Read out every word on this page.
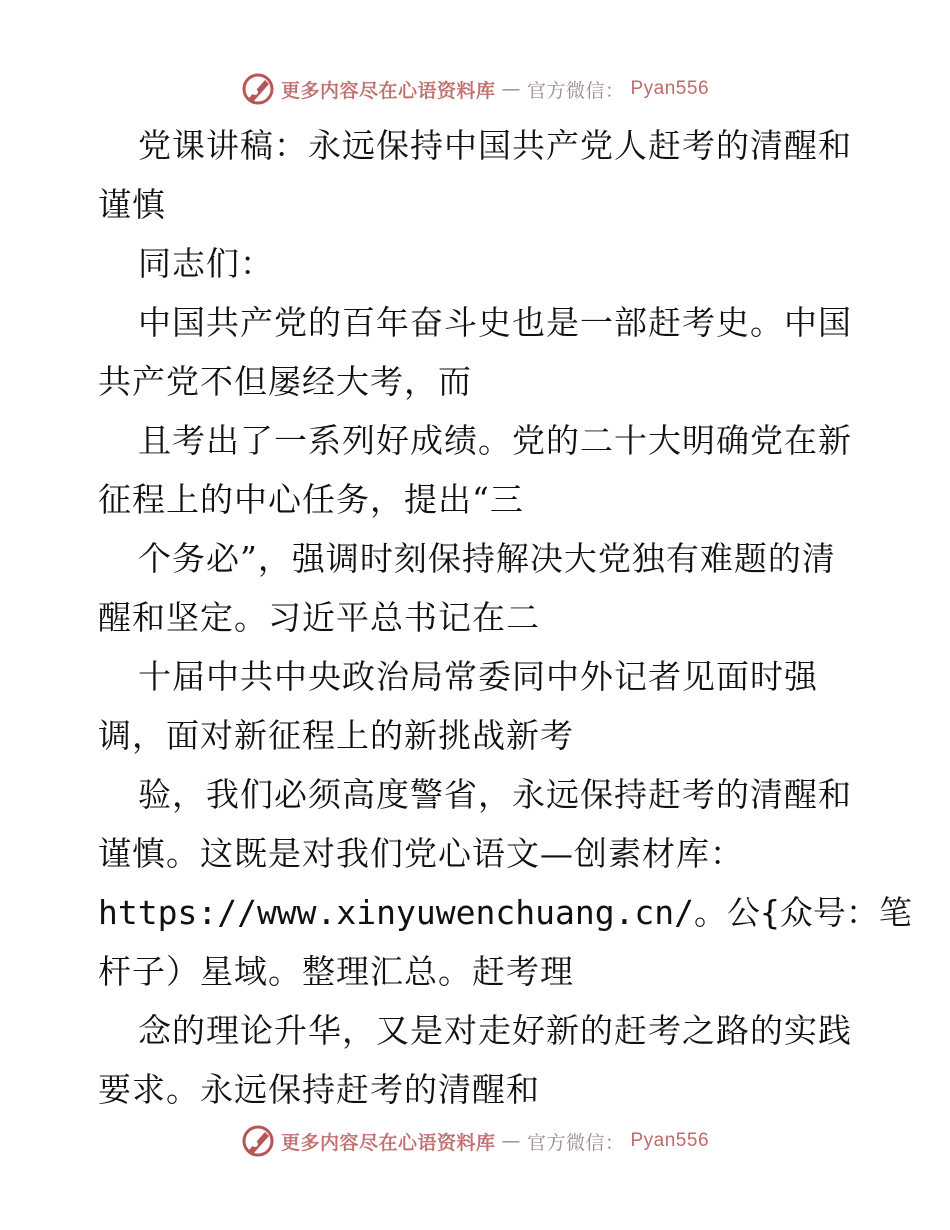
更多内容尽在心语资料库 — 官方微信： Pyan556
党课讲稿：永远保持中国共产党人赶考的清醒和
谨慎
同志们：
中国共产党的百年奋斗史也是一部赶考史。中国
共产党不但屡经大考，而
且考出了一系列好成绩。党的二十大明确党在新
征程上的中心任务，提出“三
个务必”，强调时刻保持解决大党独有难题的清
醒和坚定。习近平总书记在二
十届中共中央政治局常委同中外记者见面时强
调，面对新征程上的新挑战新考
验，我们必须高度警省，永远保持赶考的清醒和
谨慎。这既是对我们党心语文—创素材库：
https://www.xinyuwenchuang.cn/。公{众号：笔
杆子）星域。整理汇总。赶考理
念的理论升华，又是对走好新的赶考之路的实践
要求。永远保持赶考的清醒和
更多内容尽在心语资料库 — 官方微信： Pyan556
